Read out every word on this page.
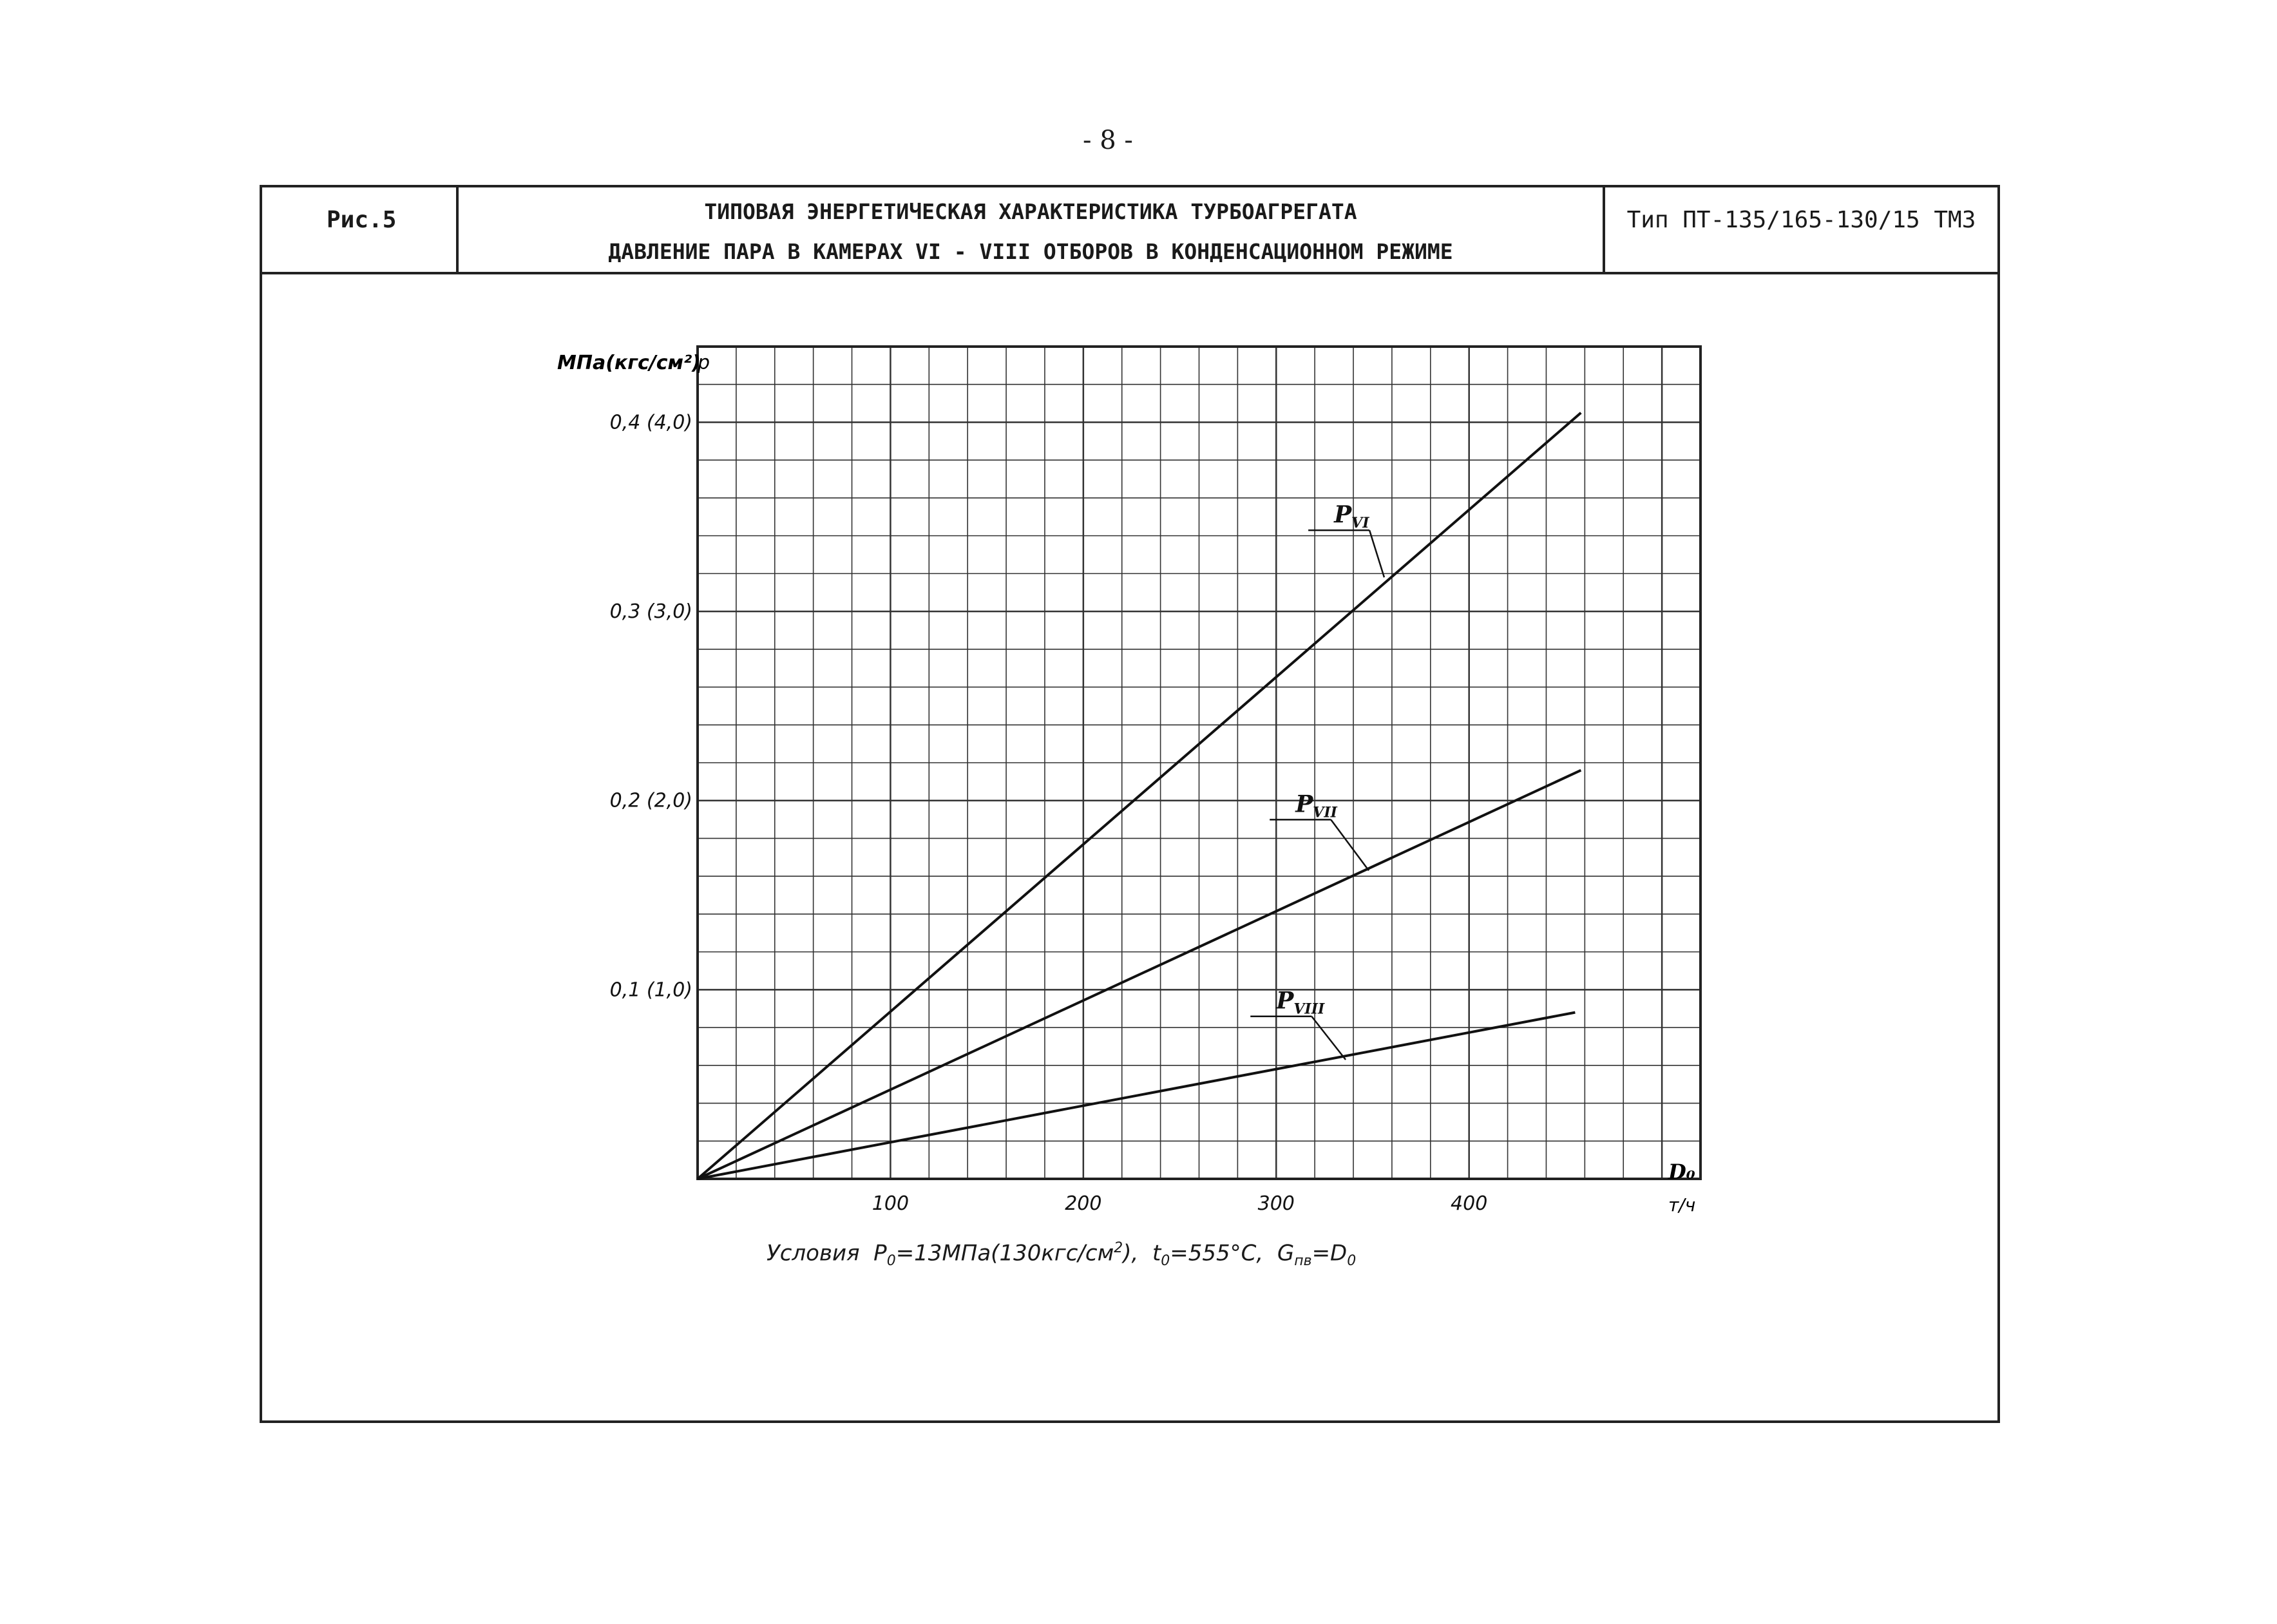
- 8 -
Рис.5	ТИПОВАЯ ЭНЕРГЕТИЧЕСКАЯ ХАРАКТЕРИСТИКА ТУРБОАГРЕГАТА
ДАВЛЕНИЕ ПАРА В КАМЕРАХ VI - VIII ОТБОРОВ В КОНДЕНСАЦИОННОМ РЕЖИМЕ
Тип ПТ-135/165-130/15 ТМЗ
$P_{VI}$
$P_{VII}$
$P_{VIII}$
100	200	300	400
0,1 (1,0)
0,2 (2,0)
0,3 (3,0)
0,4 (4,0)
МПа(кгс/см²)
p
D₀
т/ч
Условия $P_0=13МПа(130кгс/см^2)$, $t_0=555^\circ С$, $G_{пв}=D_0$
